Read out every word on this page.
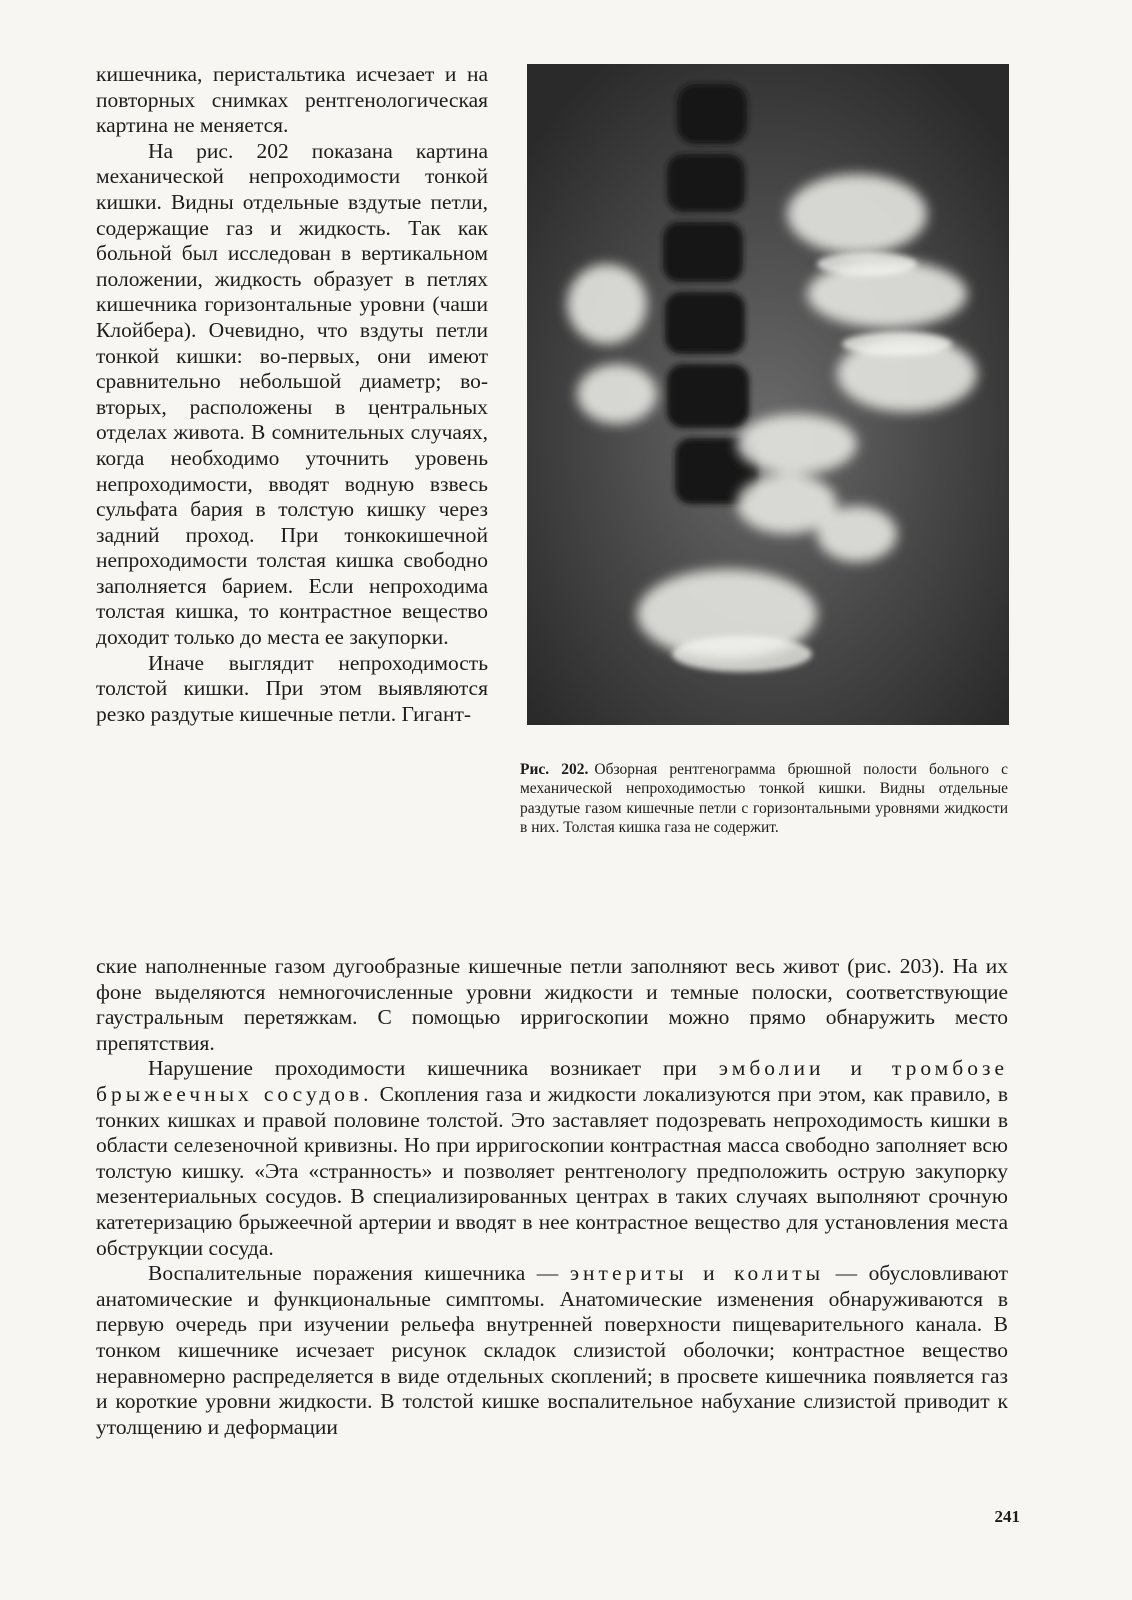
кишечника, перистальтика исчезает и на повторных снимках рентгенологическая картина не меняется.

На рис. 202 показана картина механической непроходимости тонкой кишки. Видны отдельные вздутые петли, содержащие газ и жидкость. Так как больной был исследован в вертикальном положении, жидкость образует в петлях кишечника горизонтальные уровни (чаши Клойбера). Очевидно, что вздуты петли тонкой кишки: во-первых, они имеют сравнительно небольшой диаметр; во-вторых, расположены в центральных отделах живота. В сомнительных случаях, когда необходимо уточнить уровень непроходимости, вводят водную взвесь сульфата бария в толстую кишку через задний проход. При тонкокишечной непроходимости толстая кишка свободно заполняется барием. Если непроходима толстая кишка, то контрастное вещество доходит только до места ее закупорки.

Иначе выглядит непроходимость толстой кишки. При этом выявляются резко раздутые кишечные петли. Гигант-

Рис. 202. Обзорная рентгенограмма брюшной полости больного с механической непроходимостью тонкой кишки. Видны отдельные раздутые газом кишечные петли с горизонтальными уровнями жидкости в них. Толстая кишка газа не содержит.

ские наполненные газом дугообразные кишечные петли заполняют весь живот (рис. 203). На их фоне выделяются немногочисленные уровни жидкости и темные полоски, соответствующие гаустральным перетяжкам. С помощью ирригоскопии можно прямо обнаружить место препятствия.

Нарушение проходимости кишечника возникает при эмболии и тромбозе брыжеечных сосудов. Скопления газа и жидкости локализуются при этом, как правило, в тонких кишках и правой половине толстой. Это заставляет подозревать непроходимость кишки в области селезеночной кривизны. Но при ирригоскопии контрастная масса свободно заполняет всю толстую кишку. «Эта «странность» и позволяет рентгенологу предположить острую закупорку мезентериальных сосудов. В специализированных центрах в таких случаях выполняют срочную катетеризацию брыжеечной артерии и вводят в нее контрастное вещество для установления места обструкции сосуда.

Воспалительные поражения кишечника — энтериты и колиты — обусловливают анатомические и функциональные симптомы. Анатомические изменения обнаруживаются в первую очередь при изучении рельефа внутренней поверхности пищеварительного канала. В тонком кишечнике исчезает рисунок складок слизистой оболочки; контрастное вещество неравномерно распределяется в виде отдельных скоплений; в просвете кишечника появляется газ и короткие уровни жидкости. В толстой кишке воспалительное набухание слизистой приводит к утолщению и деформации

241
